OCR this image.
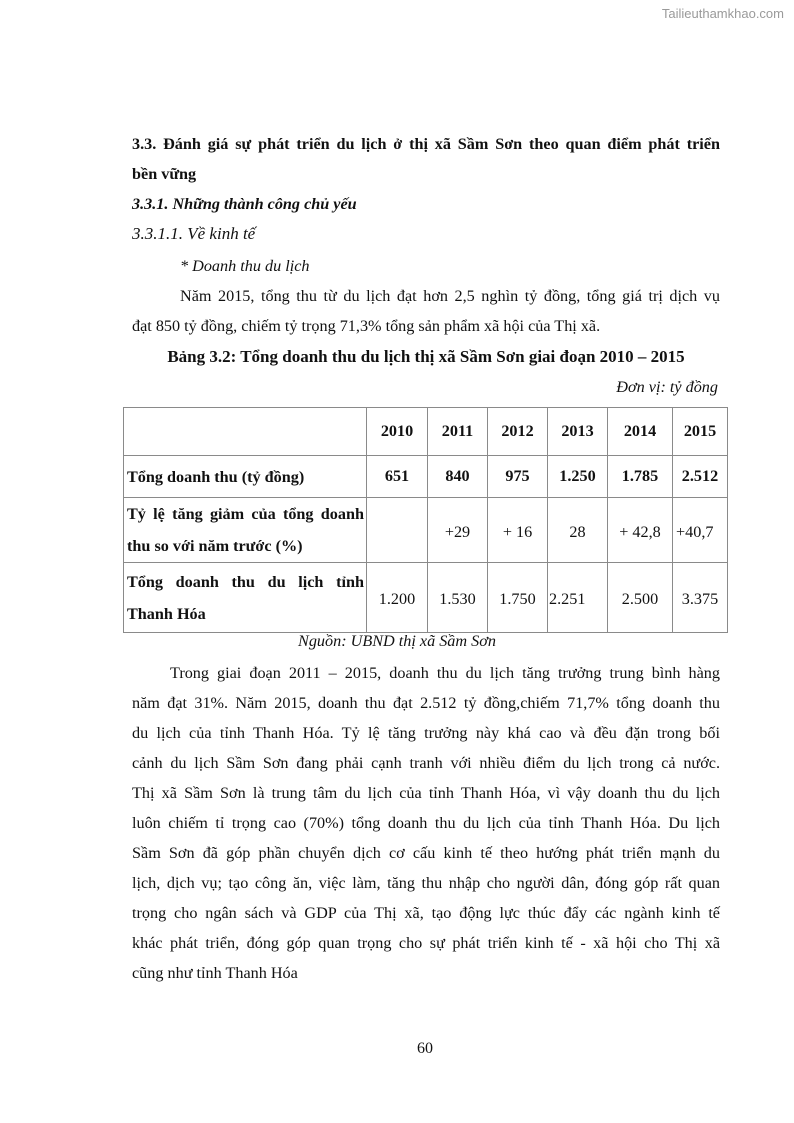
Tailieuthamkhao.com
3.3. Đánh giá sự phát triển du lịch ở thị xã Sầm Sơn theo quan điểm phát triển
bền vững
3.3.1. Những thành công chủ yếu
3.3.1.1. Về kinh tế
* Doanh thu du lịch
Năm 2015, tổng thu từ du lịch đạt hơn 2,5 nghìn tỷ đồng, tổng giá trị dịch vụ
đạt 850 tỷ đồng, chiếm tỷ trọng 71,3% tổng sản phẩm xã hội của Thị xã.
Bảng 3.2: Tổng doanh thu du lịch thị xã Sầm Sơn giai đoạn 2010 – 2015
Đơn vị: tỷ đồng
	2010	2011	2012	2013	2014	2015

Tổng doanh thu (tỷ đồng)	651	840	975	1.250	1.785	2.512

Tỷ lệ tăng giảm của tổng doanh
thu so với năm trước (%)		+29	+ 16	28	+ 42,8	+40,7

Tổng doanh thu du lịch tỉnh
Thanh Hóa	1.200	1.530	1.750	2.251	2.500	3.375
Nguồn: UBND thị xã Sầm Sơn
Trong giai đoạn 2011 – 2015, doanh thu du lịch tăng trưởng trung bình hàng
năm đạt 31%. Năm 2015, doanh thu đạt 2.512 tỷ đồng,chiếm 71,7% tổng doanh thu
du lịch của tỉnh Thanh Hóa. Tỷ lệ tăng trưởng này khá cao và đều đặn trong bối
cảnh du lịch Sầm Sơn đang phải cạnh tranh với nhiều điểm du lịch trong cả nước.
Thị xã Sầm Sơn là trung tâm du lịch của tỉnh Thanh Hóa, vì vậy doanh thu du lịch
luôn chiếm tỉ trọng cao (70%) tổng doanh thu du lịch của tỉnh Thanh Hóa. Du lịch
Sầm Sơn đã góp phần chuyển dịch cơ cấu kinh tế theo hướng phát triển mạnh du
lịch, dịch vụ; tạo công ăn, việc làm, tăng thu nhập cho người dân, đóng góp rất quan
trọng cho ngân sách và GDP của Thị xã, tạo động lực thúc đẩy các ngành kinh tế
khác phát triển, đóng góp quan trọng cho sự phát triển kinh tế - xã hội cho Thị xã
cũng như tỉnh Thanh Hóa
60
